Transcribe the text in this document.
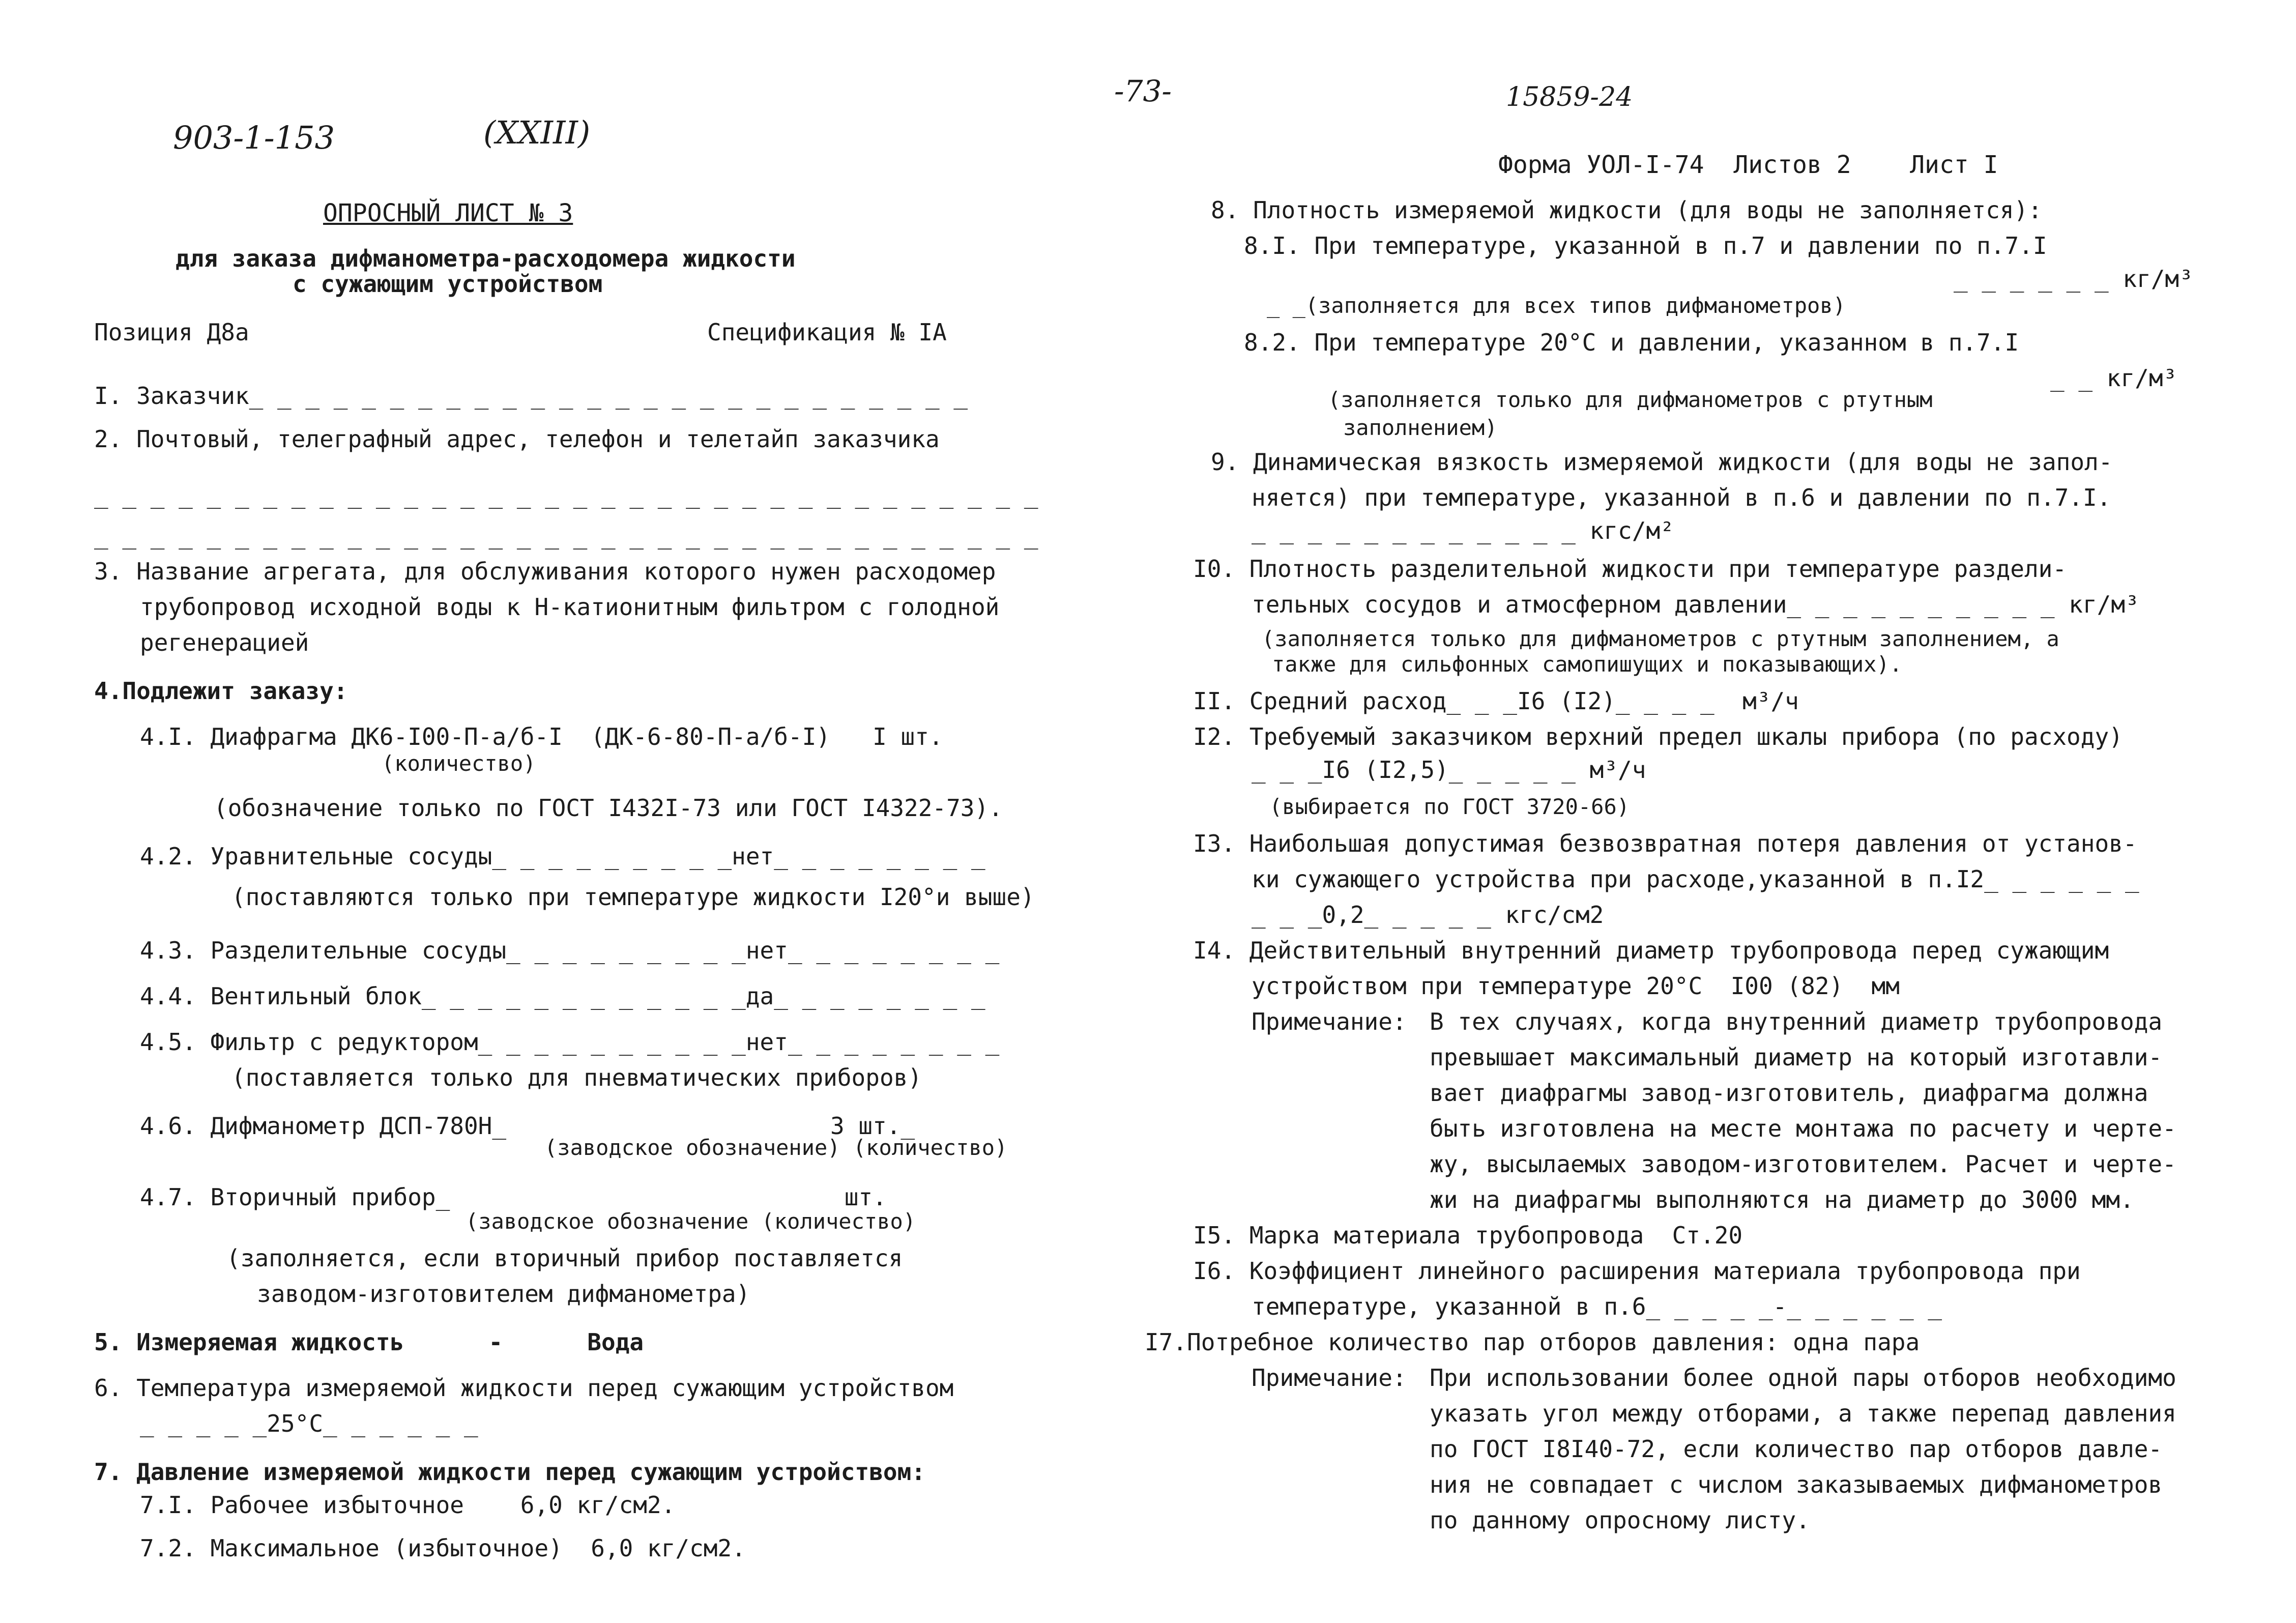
903-1-153	(XXIII)
-73-	15859-24
Форма УОЛ-I-74  Листов 2    Лист I
ОПРОСНЫЙ ЛИСТ № 3
для заказа дифманометра-расходомера жидкости
с сужающим устройством
Позиция Д8а	Спецификация № IA
I. Заказчик_ _ _ _ _ _ _ _ _ _ _ _ _ _ _ _ _ _ _ _ _ _ _ _ _ _
2. Почтовый, телеграфный адрес, телефон и телетайп заказчика
_ _ _ _ _ _ _ _ _ _ _ _ _ _ _ _ _ _ _ _ _ _ _ _ _ _ _ _ _ _ _ _ _ _
_ _ _ _ _ _ _ _ _ _ _ _ _ _ _ _ _ _ _ _ _ _ _ _ _ _ _ _ _ _ _ _ _ _
3. Название агрегата, для обслуживания которого нужен расходомер
трубопровод исходной воды к Н-катионитным фильтром с голодной
регенерацией
4.Подлежит заказу:
4.I. Диафрагма ДК6-I00-П-а/б-I  (ДК-6-80-П-а/б-I)   I шт.
(количество)
(обозначение только по ГОСТ I432I-73 или ГОСТ I4322-73).
4.2. Уравнительные сосуды_ _ _ _ _ _ _ _ _нет_ _ _ _ _ _ _ _
(поставляются только при температуре жидкости I20°и выше)
4.3. Разделительные сосуды_ _ _ _ _ _ _ _ _нет_ _ _ _ _ _ _ _
4.4. Вентильный блок_ _ _ _ _ _ _ _ _ _ _ _да_ _ _ _ _ _ _ _
4.5. Фильтр с редуктором_ _ _ _ _ _ _ _ _ _нет_ _ _ _ _ _ _ _
(поставляется только для пневматических приборов)
4.6. Дифманометр ДСП-780Н_                       3 шт._
(заводское обозначение) (количество)
4.7. Вторичный прибор_                            шт.
(заводское обозначение (количество)
(заполняется, если вторичный прибор поставляется
заводом-изготовителем дифманометра)
5. Измеряемая жидкость      -      Вода
6. Температура измеряемой жидкости перед сужающим устройством
_ _ _ _ _25°С_ _ _ _ _ _
7. Давление измеряемой жидкости перед сужающим устройством:
7.I. Рабочее избыточное    6,0 кг/см2.
7.2. Максимальное (избыточное)  6,0 кг/см2.
8. Плотность измеряемой жидкости (для воды не заполняется):
8.I. При температуре, указанной в п.7 и давлении по п.7.I
_ _ _ _ _ _ кг/м³
_ _(заполняется для всех типов дифманометров)
8.2. При температуре 20°С и давлении, указанном в п.7.I
_ _ кг/м³
(заполняется только для дифманометров с ртутным
заполнением)
9. Динамическая вязкость измеряемой жидкости (для воды не запол-
няется) при температуре, указанной в п.6 и давлении по п.7.I.
_ _ _ _ _ _ _ _ _ _ _ _ кгс/м²
I0. Плотность разделительной жидкости при температуре раздели-
тельных сосудов и атмосферном давлении_ _ _ _ _ _ _ _ _ _ кг/м³
(заполняется только для дифманометров с ртутным заполнением, а
также для сильфонных самопишущих и показывающих).
II. Средний расход_ _ _I6 (I2)_ _ _ _  м³/ч
I2. Требуемый заказчиком верхний предел шкалы прибора (по расходу)
_ _ _I6 (I2,5)_ _ _ _ _ м³/ч
(выбирается по ГОСТ 3720-66)
I3. Наибольшая допустимая безвозвратная потеря давления от установ-
ки сужающего устройства при расходе,указанной в п.I2_ _ _ _ _ _
_ _ _0,2_ _ _ _ _ кгс/см2
I4. Действительный внутренний диаметр трубопровода перед сужающим
устройством при температуре 20°С  I00 (82)  мм
Примечание: В тех случаях, когда внутренний диаметр трубопровода
превышает максимальный диаметр на который изготавли-
вает диафрагмы завод-изготовитель, диафрагма должна
быть изготовлена на месте монтажа по расчету и черте-
жу, высылаемых заводом-изготовителем. Расчет и черте-
жи на диафрагмы выполняются на диаметр до 3000 мм.
I5. Марка материала трубопровода  Ст.20
I6. Коэффициент линейного расширения материала трубопровода при
температуре, указанной в п.6_ _ _ _ _-_ _ _ _ _ _
I7.Потребное количество пар отборов давления: одна пара
Примечание: При использовании более одной пары отборов необходимо
указать угол между отборами, а также перепад давления
по ГОСТ I8I40-72, если количество пар отборов давле-
ния не совпадает с числом заказываемых дифманометров
по данному опросному листу.
